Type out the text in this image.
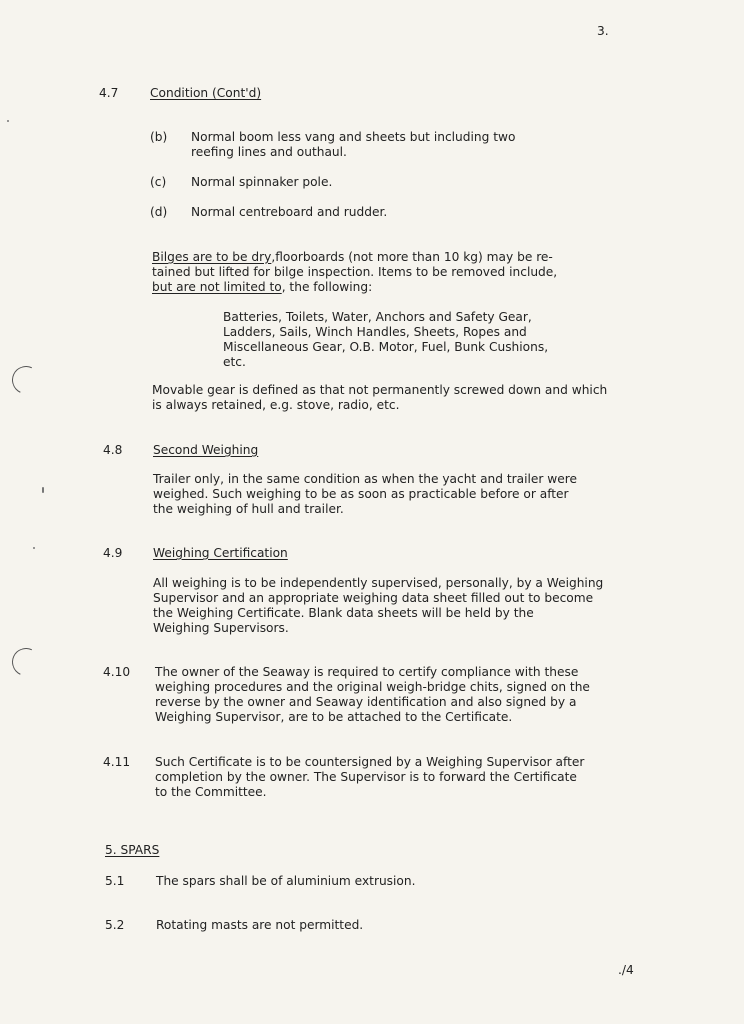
3.
4.7	Condition (Cont'd)
(b) Normal boom less vang and sheets but including two
reefing lines and outhaul.
(c) Normal spinnaker pole.
(d) Normal centreboard and rudder.
Bilges are to be dry,floorboards (not more than 10 kg) may be re-
tained but lifted for bilge inspection. Items to be removed include,
but are not limited to, the following:
Batteries, Toilets, Water, Anchors and Safety Gear,
Ladders, Sails, Winch Handles, Sheets, Ropes and
Miscellaneous Gear, O.B. Motor, Fuel, Bunk Cushions,
etc.
Movable gear is defined as that not permanently screwed down and which
is always retained, e.g. stove, radio, etc.
4.8	Second Weighing
Trailer only, in the same condition as when the yacht and trailer were
weighed. Such weighing to be as soon as practicable before or after
the weighing of hull and trailer.
4.9	Weighing Certification
All weighing is to be independently supervised, personally, by a Weighing
Supervisor and an appropriate weighing data sheet filled out to become
the Weighing Certificate. Blank data sheets will be held by the
Weighing Supervisors.
4.10 The owner of the Seaway is required to certify compliance with these
weighing procedures and the original weigh-bridge chits, signed on the
reverse by the owner and Seaway identification and also signed by a
Weighing Supervisor, are to be attached to the Certificate.
4.11 Such Certificate is to be countersigned by a Weighing Supervisor after
completion by the owner. The Supervisor is to forward the Certificate
to the Committee.
5. SPARS
5.1	The spars shall be of aluminium extrusion.
5.2	Rotating masts are not permitted.
./4
